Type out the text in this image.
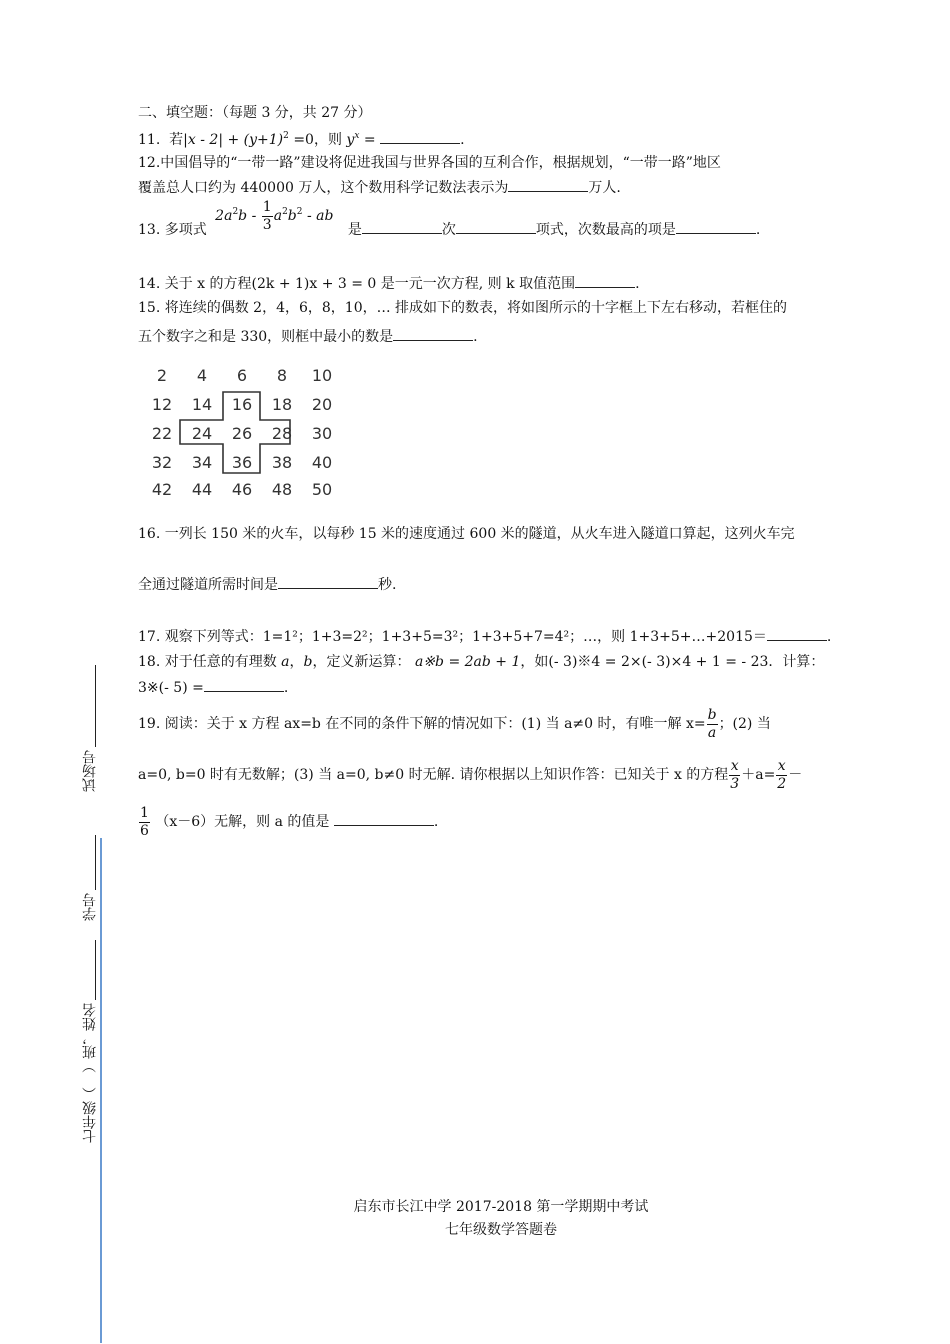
二、填空题：（每题 3 分，共 27 分）
11. 若$|x - 2| + (y+1)^2 =0$，则 $y^x$ =	.
12.中国倡导的“一带一路”建设将促进我国与世界各国的互利合作，根据规划，“一带一路”地区
覆盖总人口约为 440000 万人，这个数用科学记数法表示为	万人.
13. 多项式 $2a^2b - \frac{1}{3} a^2b^2$ - ab 是	次	项式，次数最高的项是	.
14. 关于 x 的方程(2k + 1)x + 3 = 0 是一元一次方程, 则 k 取值范围	.
15. 将连续的偶数 2，4，6，8，10，… 排成如下的数表，将如图所示的十字框上下左右移动，若框住的
五个数字之和是 330，则框中最小的数是	.
2	4	6	8	10
12	14	16	18	20
22	24	26	28	30
32	34	36	38	40
42	44	46	48	50
16. 一列长 150 米的火车，以每秒 15 米的速度通过 600 米的隧道，从火车进入隧道口算起，这列火车完
全通过隧道所需时间是	秒.
17. 观察下列等式：1=1²；1+3=2²；1+3+5=3²；1+3+5+7=4²；…，则 1+3+5+…+2015＝	.
18. 对于任意的有理数 a，b，定义新运算： a※b = 2ab + 1，如(- 3)※4 = 2×(- 3)×4 + 1 = - 23．计算：
3※(- 5) =	.
19. 阅读：关于 x 方程 ax=b 在不同的条件下解的情况如下：(1) 当 a≠0 时，有唯一解 $x= \frac{b}{a}$ ；(2) 当
a=0, b=0 时有无数解；(3) 当 a=0, b≠0 时无解. 请你根据以上知识作答：已知关于 x 的方程 $\frac{x}{3} +a= \frac{x}{2}$ －
$\frac{1}{6} (x-6)$无解，则 a 的值是	.
试场号
学号
七年级（　）班，姓名
启东市长江中学 2017-2018 第一学期期中考试
七年级数学答题卷
